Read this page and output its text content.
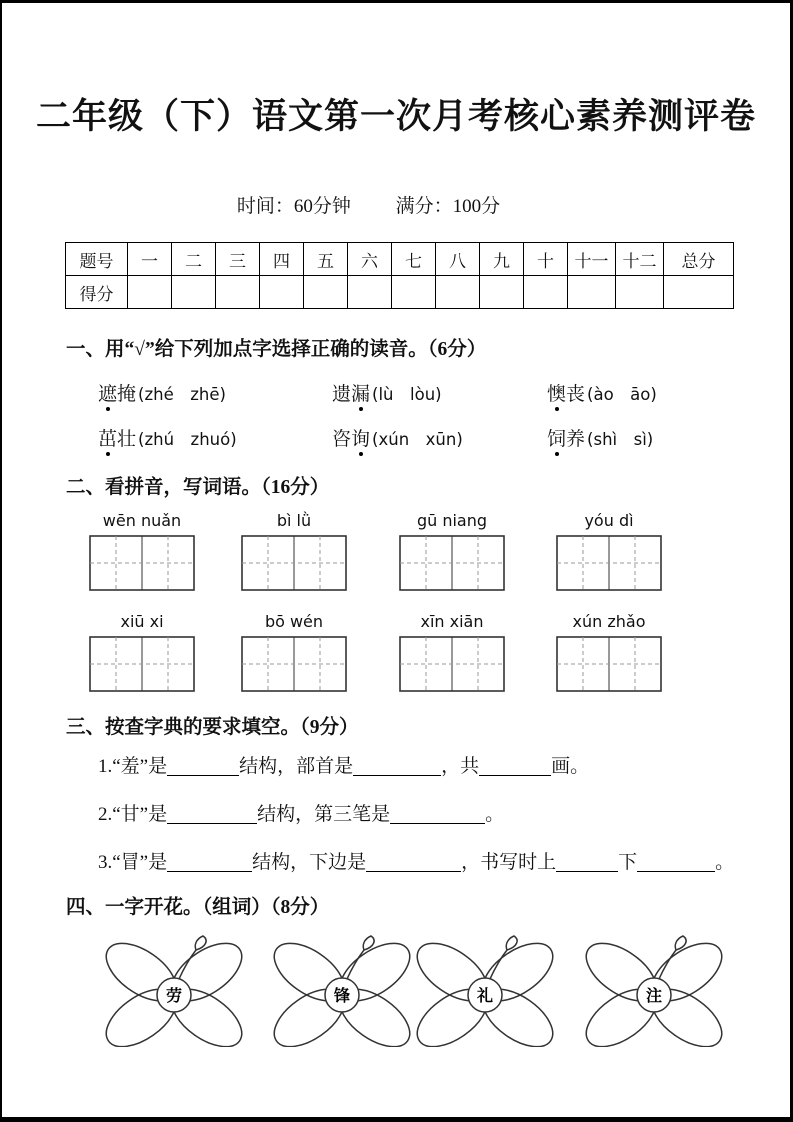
二年级（下）语文第一次月考核心素养测评卷
时间：60分钟 满分：100分
题号	一	二	三	四	五	六	七	八	九	十	十一	十二	总分
得分													
一、用“√”给下列加点字选择正确的读音。（6分）
遮掩 (zhé　zhē)	遗漏 (lù　lòu)	懊丧 (ào　āo)
茁壮 (zhú　zhuó)	咨询 (xún　xūn)	饲养 (shì　sì)
二、看拼音，写词语。（16分）
wēn nuǎn	bì lǜ	gū niang	yóu dì
xiū xi	bō wén	xīn xiān	xún zhǎo
三、按查字典的要求填空。（9分）
1.“羞”是	结构，部首是	，共	画。
2.“甘”是	结构，第三笔是	。
3.“冒”是	结构，下边是	，书写时上	下	。
四、一字开花。（组词）（8分）
劳	锋	礼	注
